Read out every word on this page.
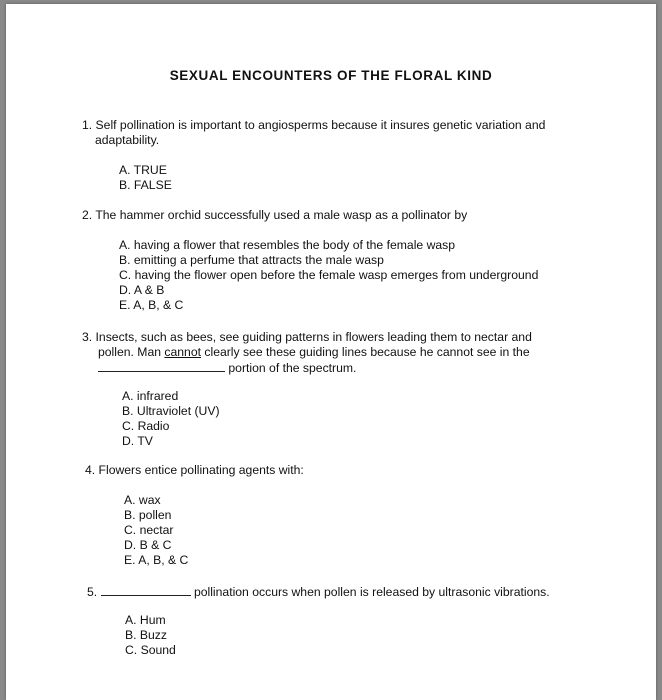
SEXUAL ENCOUNTERS OF THE FLORAL KIND
1. Self pollination is important to angiosperms because it insures genetic variation and
adaptability.
A. TRUE
B. FALSE
2. The hammer orchid successfully used a male wasp as a pollinator by
A. having a flower that resembles the body of the female wasp
B. emitting a perfume that attracts the male wasp
C. having the flower open before the female wasp emerges from underground
D. A & B
E. A, B, & C
3. Insects, such as bees, see guiding patterns in flowers leading them to nectar and
pollen. Man cannot clearly see these guiding lines because he cannot see in the
portion of the spectrum.
A. infrared
B. Ultraviolet (UV)
C. Radio
D. TV
4. Flowers entice pollinating agents with:
A. wax
B. pollen
C. nectar
D. B & C
E. A, B, & C
5.	pollination occurs when pollen is released by ultrasonic vibrations.
A. Hum
B. Buzz
C. Sound
